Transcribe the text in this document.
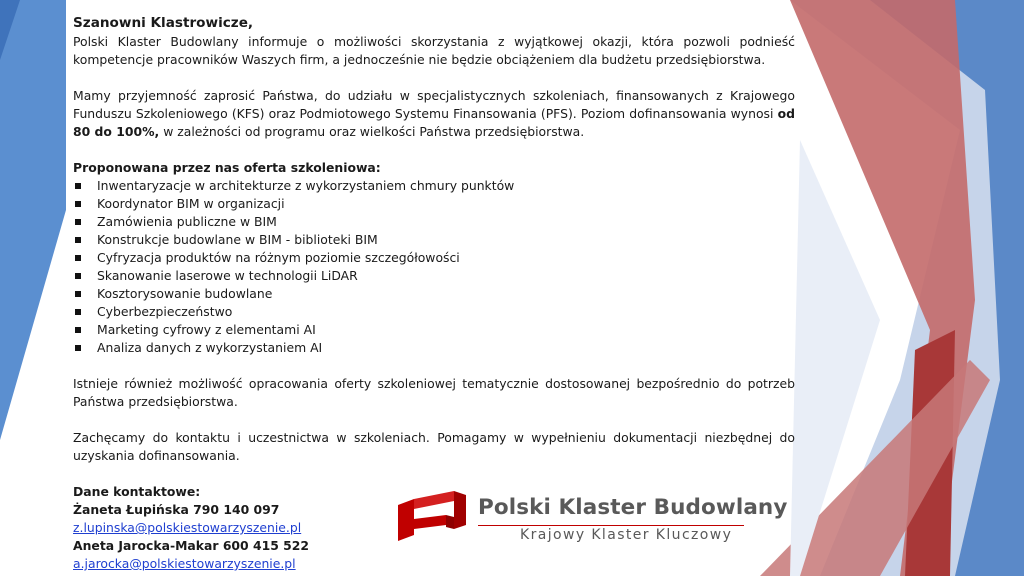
Szanowni Klastrowicze,

Polski Klaster Budowlany informuje o możliwości skorzystania z wyjątkowej okazji, która pozwoli podnieść kompetencje pracowników Waszych firm, a jednocześnie nie będzie obciążeniem dla budżetu przedsiębiorstwa.

Mamy przyjemność zaprosić Państwa, do udziału w specjalistycznych szkoleniach, finansowanych z Krajowego Funduszu Szkoleniowego (KFS) oraz Podmiotowego Systemu Finansowania (PFS). Poziom dofinansowania wynosi od 80 do 100%, w zależności od programu oraz wielkości Państwa przedsiębiorstwa.

Proponowana przez nas oferta szkoleniowa:

Inwentaryzacje w architekturze z wykorzystaniem chmury punktów
Koordynator BIM w organizacji
Zamówienia publiczne w BIM
Konstrukcje budowlane w BIM - biblioteki BIM
Cyfryzacja produktów na różnym poziomie szczegółowości
Skanowanie laserowe w technologii LiDAR
Kosztorysowanie budowlane
Cyberbezpieczeństwo
Marketing cyfrowy z elementami AI
Analiza danych z wykorzystaniem AI

Istnieje również możliwość opracowania oferty szkoleniowej tematycznie dostosowanej bezpośrednio do potrzeb Państwa przedsiębiorstwa.

Zachęcamy do kontaktu i uczestnictwa w szkoleniach. Pomagamy w wypełnieniu dokumentacji niezbędnej do uzyskania dofinansowania.

Dane kontaktowe:

Żaneta Łupińska 790 140 097

z.lupinska@polskiestowarzyszenie.pl

Aneta Jarocka-Makar 600 415 522

a.jarocka@polskiestowarzyszenie.pl

Polski Klaster Budowlany
Krajowy Klaster Kluczowy
